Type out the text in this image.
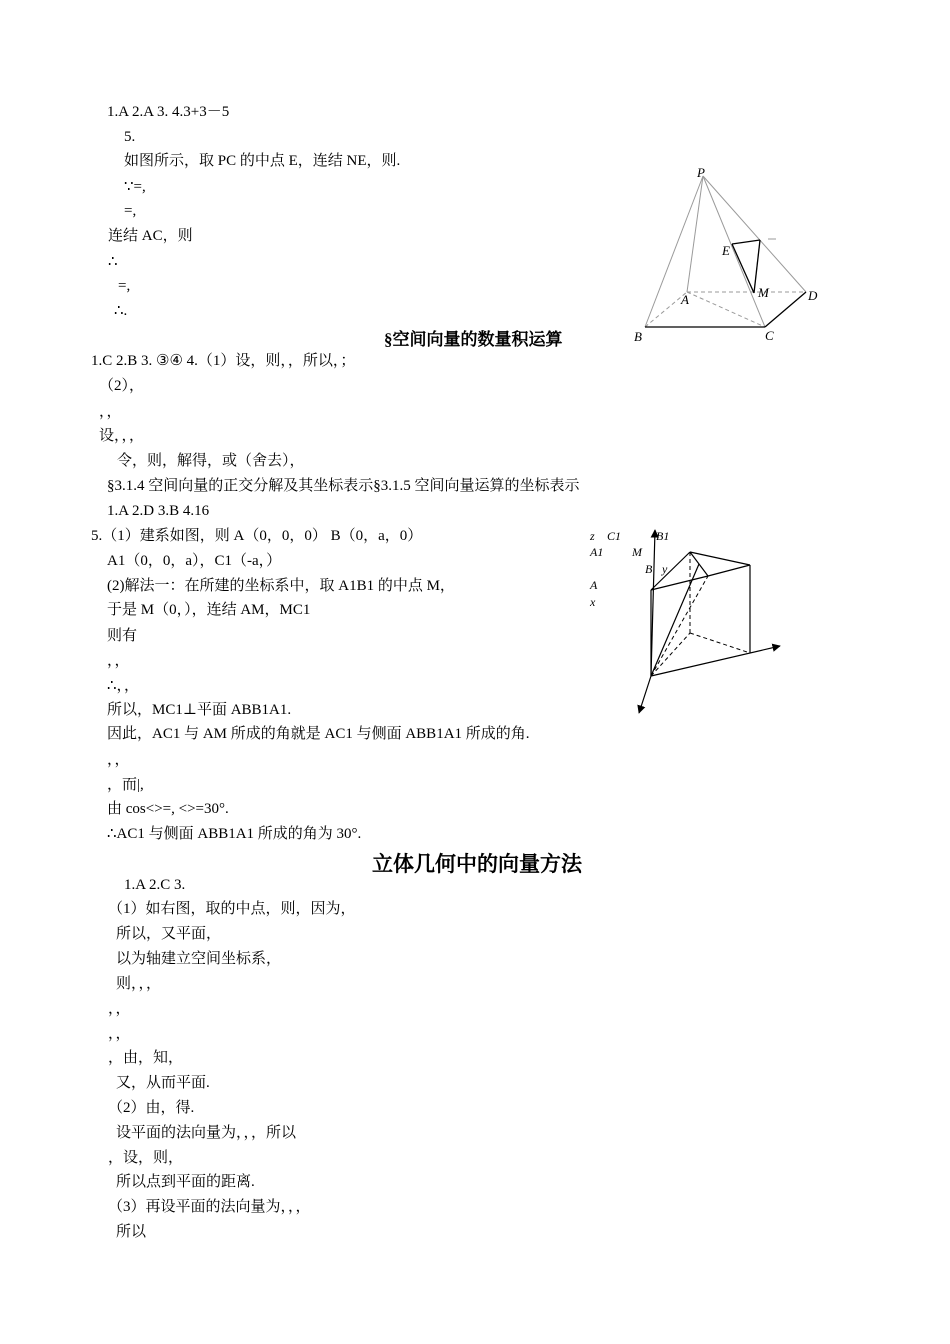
1.A 2.A 3. 4.3+3－5
5.
如图所示，取 PC 的中点 E，连结 NE，则.
∵=,
=,
连结 AC，则
∴
=,
∴.
P
E
A	M	D
B	C
§空间向量的数量积运算
1.C 2.B 3. ③④ 4.（1）设，则，，所以，；
（2），
，，
设，，，
令，则，解得，或（舍去），
§3.1.4 空间向量的正交分解及其坐标表示§3.1.5 空间向量运算的坐标表示
1.A 2.D 3.B 4.16
5.（1）建系如图，则 A（0，0，0） B（0，a，0）
A1（0，0，a），C1（-a，）
(2)解法一：在所建的坐标系中，取 A1B1 的中点 M，
于是 M（0，），连结 AM，MC1
则有
，，
∴，，
所以，MC1⊥平面 ABB1A1.
因此，AC1 与 AM 所成的角就是 AC1 与侧面 ABB1A1 所成的角.
，，
，而|,
由 cos<>=, <>=30°.
∴AC1 与侧面 ABB1A1 所成的角为 30°.
z C1	B1
A1 M
B y
A
x
立体几何中的向量方法
1.A 2.C 3.
（1）如右图，取的中点，则，因为，
所以，又平面，
以为轴建立空间坐标系，
则，，，
，，
，，
，由，知，
又，从而平面.
（2）由，得.
设平面的法向量为，，，所以
，设，则，
所以点到平面的距离.
（3）再设平面的法向量为，，，
所以
